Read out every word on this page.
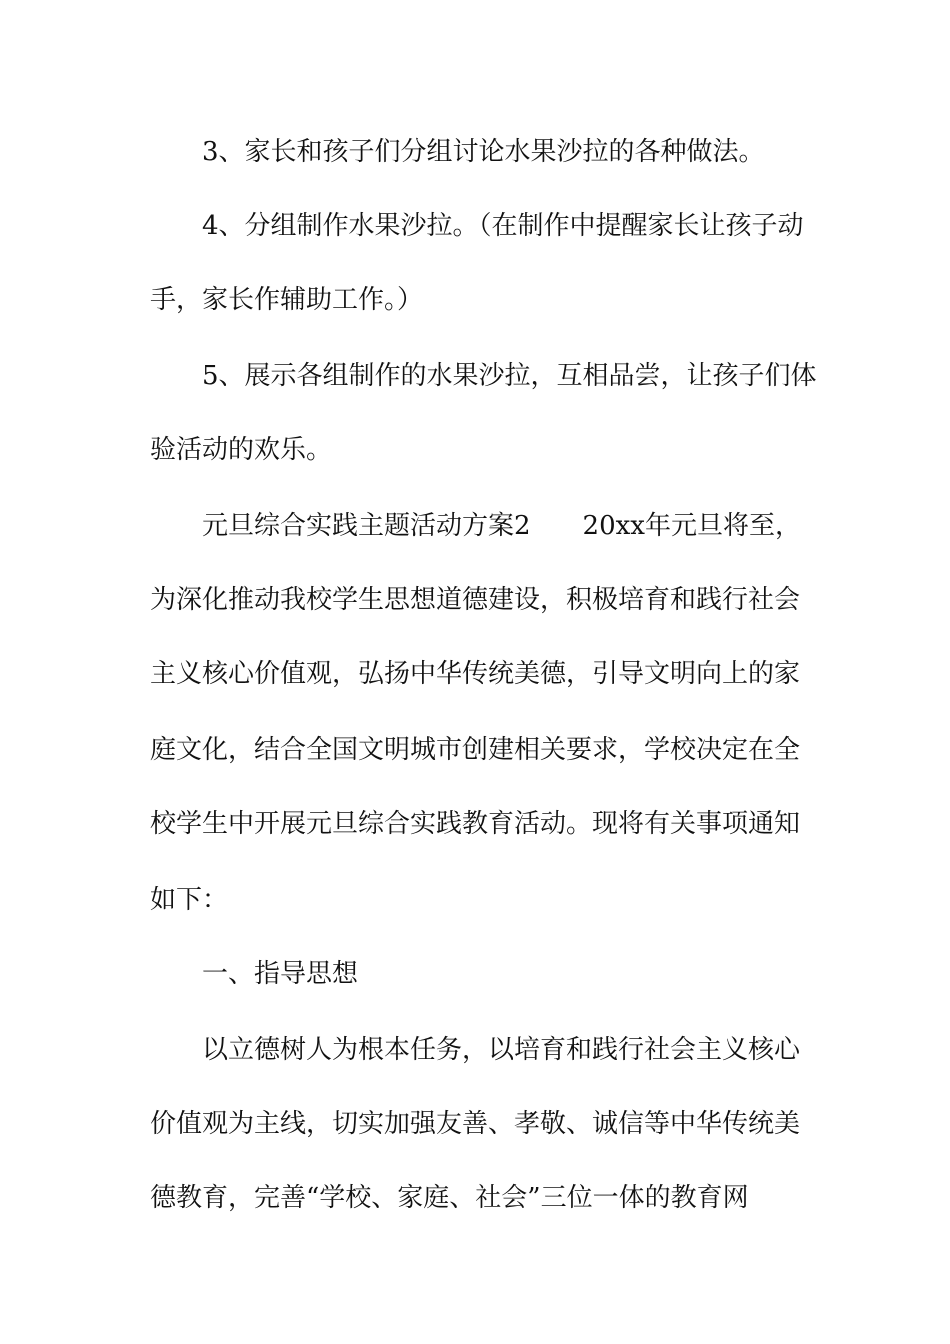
3、家长和孩子们分组讨论水果沙拉的各种做法。
4、分组制作水果沙拉。（在制作中提醒家长让孩子动
手，家长作辅助工作。）
5、展示各组制作的水果沙拉，互相品尝，让孩子们体
验活动的欢乐。
元旦综合实践主题活动方案2 20xx年元旦将至，
为深化推动我校学生思想道德建设，积极培育和践行社会
主义核心价值观，弘扬中华传统美德，引导文明向上的家
庭文化，结合全国文明城市创建相关要求，学校决定在全
校学生中开展元旦综合实践教育活动。现将有关事项通知
如下：
一、指导思想
以立德树人为根本任务，以培育和践行社会主义核心
价值观为主线，切实加强友善、孝敬、诚信等中华传统美
德教育，完善“学校、家庭、社会”三位一体的教育网
